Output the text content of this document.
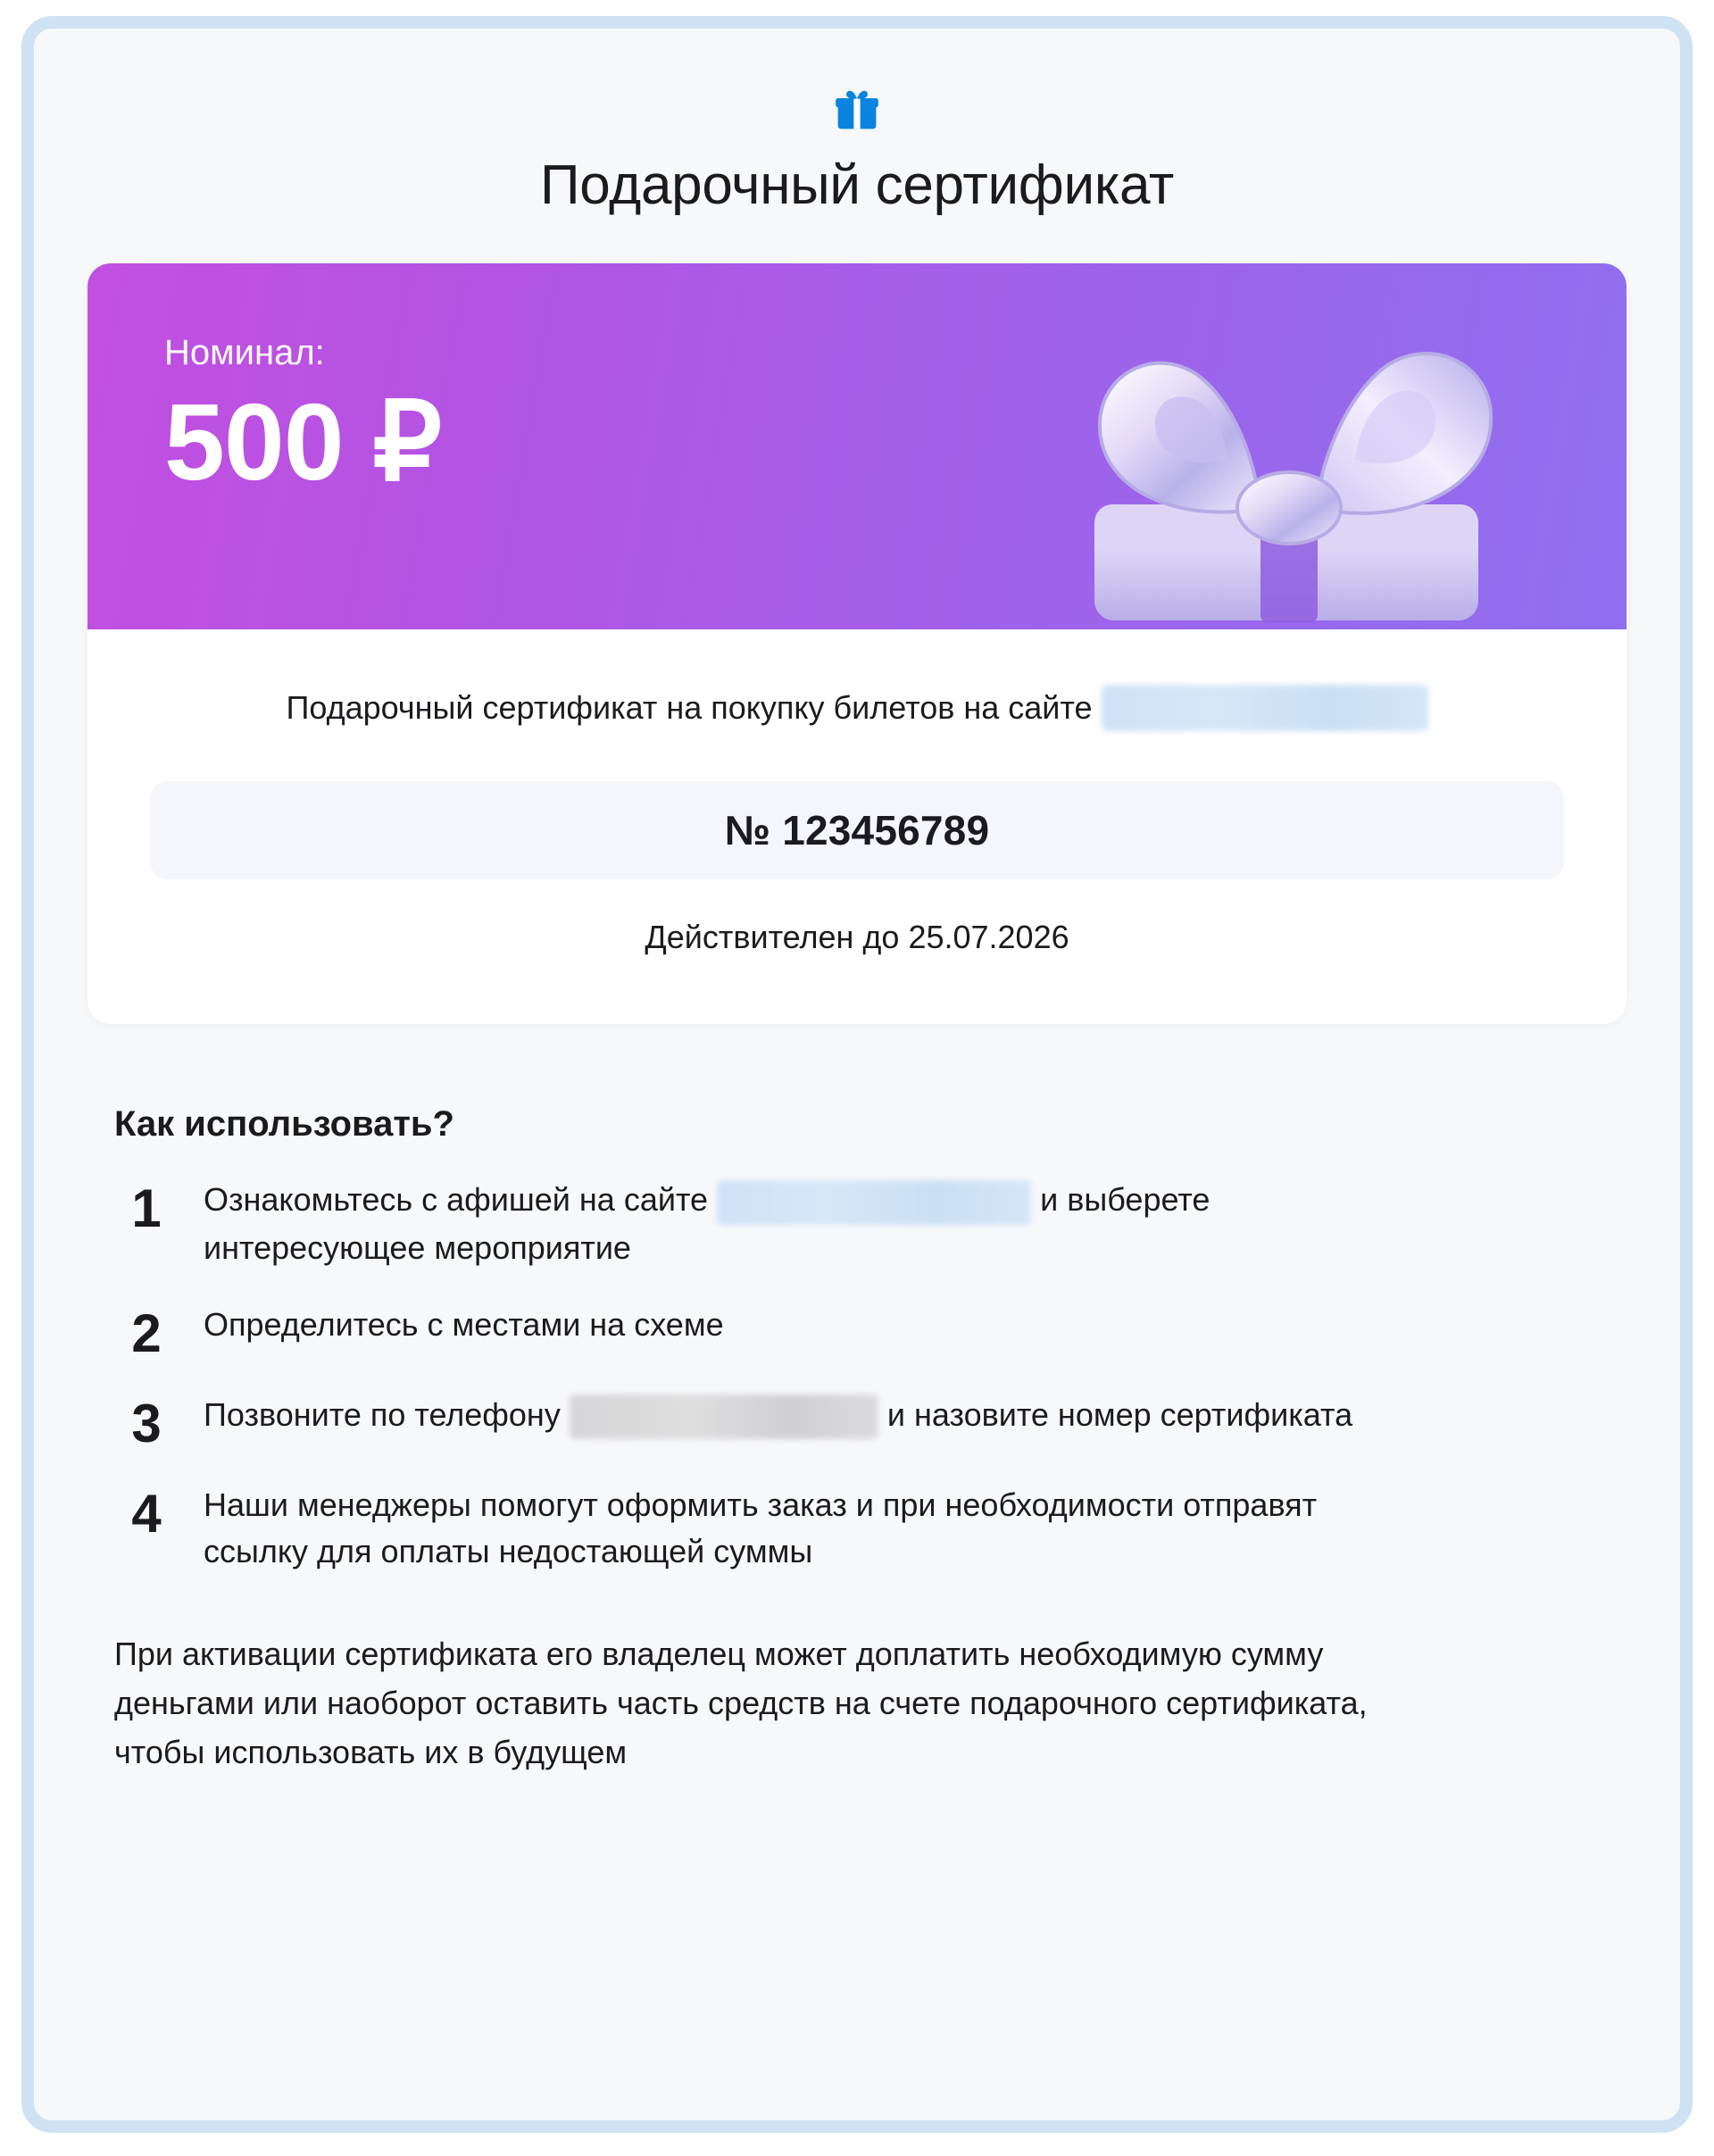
Подарочный сертификат
Номинал:
500 ₽
Подарочный сертификат на покупку билетов на сайте
№ 123456789
Действителен до 25.07.2026
Как использовать?
1	Ознакомьтесь с афишей на сайте	и выберете интересующее мероприятие
2	Определитесь с местами на схеме
3	Позвоните по телефону	и назовите номер сертификата
4	Наши менеджеры помогут оформить заказ и при необходимости отправят ссылку для оплаты недостающей суммы
При активации сертификата его владелец может доплатить необходимую сумму деньгами или наоборот оставить часть средств на счете подарочного сертификата, чтобы использовать их в будущем
